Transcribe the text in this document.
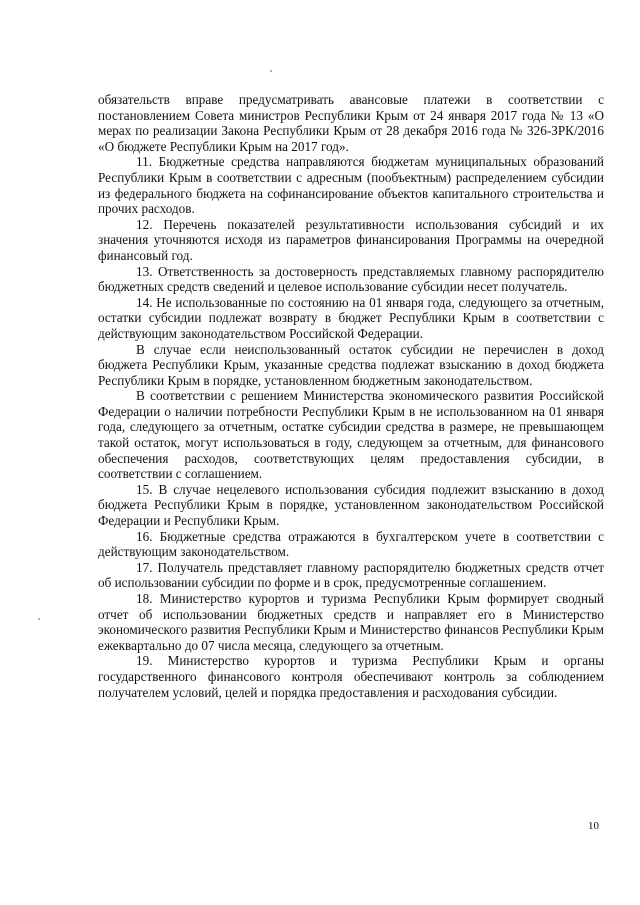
обязательств вправе предусматривать авансовые платежи в соответствии с постановлением Совета министров Республики Крым от 24 января 2017 года № 13 «О мерах по реализации Закона Республики Крым от 28 декабря 2016 года № 326-ЗРК/2016 «О бюджете Республики Крым на 2017 год».

11. Бюджетные средства направляются бюджетам муниципальных образований Республики Крым в соответствии с адресным (пообъектным) распределением субсидии из федерального бюджета на софинансирование объектов капитального строительства и прочих расходов.

12. Перечень показателей результативности использования субсидий и их значения уточняются исходя из параметров финансирования Программы на очередной финансовый год.

13. Ответственность за достоверность представляемых главному распорядителю бюджетных средств сведений и целевое использование субсидии несет получатель.

14. Не использованные по состоянию на 01 января года, следующего за отчетным, остатки субсидии подлежат возврату в бюджет Республики Крым в соответствии с действующим законодательством Российской Федерации.

В случае если неиспользованный остаток субсидии не перечислен в доход бюджета Республики Крым, указанные средства подлежат взысканию в доход бюджета Республики Крым в порядке, установленном бюджетным законодательством.

В соответствии с решением Министерства экономического развития Российской Федерации о наличии потребности Республики Крым в не использованном на 01 января года, следующего за отчетным, остатке субсидии средства в размере, не превышающем такой остаток, могут использоваться в году, следующем за отчетным, для финансового обеспечения расходов, соответствующих целям предоставления субсидии, в соответствии с соглашением.

15. В случае нецелевого использования субсидия подлежит взысканию в доход бюджета Республики Крым в порядке, установленном законодательством Российской Федерации и Республики Крым.

16. Бюджетные средства отражаются в бухгалтерском учете в соответствии с действующим законодательством.

17. Получатель представляет главному распорядителю бюджетных средств отчет об использовании субсидии по форме и в срок, предусмотренные соглашением.

18. Министерство курортов и туризма Республики Крым формирует сводный отчет об использовании бюджетных средств и направляет его в Министерство экономического развития Республики Крым и Министерство финансов Республики Крым ежеквартально до 07 числа месяца, следующего за отчетным.

19. Министерство курортов и туризма Республики Крым и органы государственного финансового контроля обеспечивают контроль за соблюдением получателем условий, целей и порядка предоставления и расходования субсидии.

10
